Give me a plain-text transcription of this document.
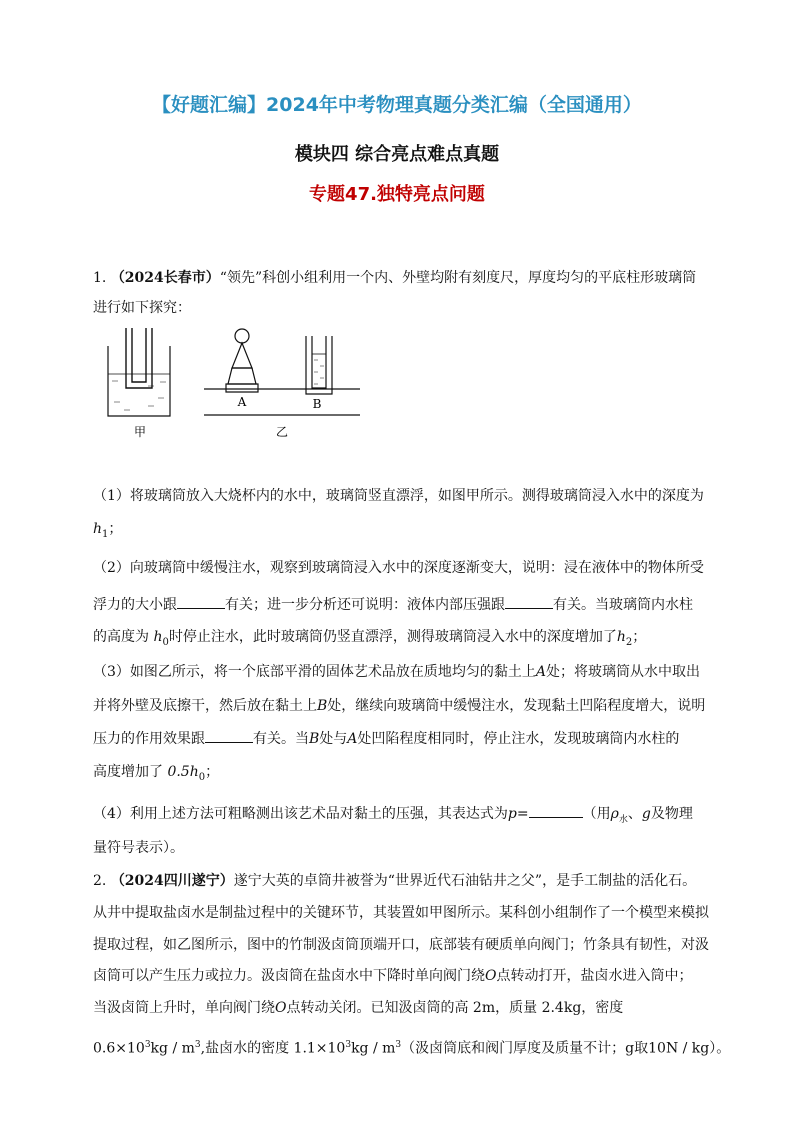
【好题汇编】2024年中考物理真题分类汇编（全国通用）
模块四 综合亮点难点真题
专题47.独特亮点问题
1. （2024长春市）“领先”科创小组利用一个内、外壁均附有刻度尺，厚度均匀的平底柱形玻璃筒
进行如下探究：
甲
A	B
乙
（1）将玻璃筒放入大烧杯内的水中，玻璃筒竖直漂浮，如图甲所示。测得玻璃筒浸入水中的深度为
$h_1$；
（2）向玻璃筒中缓慢注水，观察到玻璃筒浸入水中的深度逐渐变大，说明：浸在液体中的物体所受
浮力的大小跟	有关；进一步分析还可说明：液体内部压强跟	有关。当玻璃筒内水柱
的高度为 $h_0$时停止注水，此时玻璃筒仍竖直漂浮，测得玻璃筒浸入水中的深度增加了$h_2$；
（3）如图乙所示，将一个底部平滑的固体艺术品放在质地均匀的黏土上A处；将玻璃筒从水中取出
并将外壁及底擦干，然后放在黏土上B处，继续向玻璃筒中缓慢注水，发现黏土凹陷程度增大，说明
压力的作用效果跟	有关。当B处与A处凹陷程度相同时，停止注水，发现玻璃筒内水柱的
高度增加了 $0.5h_0$；
（4）利用上述方法可粗略测出该艺术品对黏土的压强，其表达式为p=	（用$\rho_水$、g及物理
量符号表示）。
2. （2024四川遂宁）遂宁大英的卓筒井被誉为“世界近代石油钻井之父”，是手工制盐的活化石。
从井中提取盐卤水是制盐过程中的关键环节，其装置如甲图所示。某科创小组制作了一个模型来模拟
提取过程，如乙图所示，图中的竹制汲卤筒顶端开口，底部装有硬质单向阀门；竹条具有韧性，对汲
卤筒可以产生压力或拉力。汲卤筒在盐卤水中下降时单向阀门绕O点转动打开，盐卤水进入筒中；
当汲卤筒上升时，单向阀门绕O点转动关闭。已知汲卤筒的高 2m，质量 2.4kg，密度
$0.6\times 10^3kg / m^3$,盐卤水的密度 $1.1\times 10^3kg / m^3$（汲卤筒底和阀门厚度及质量不计；g取10N / kg）。
